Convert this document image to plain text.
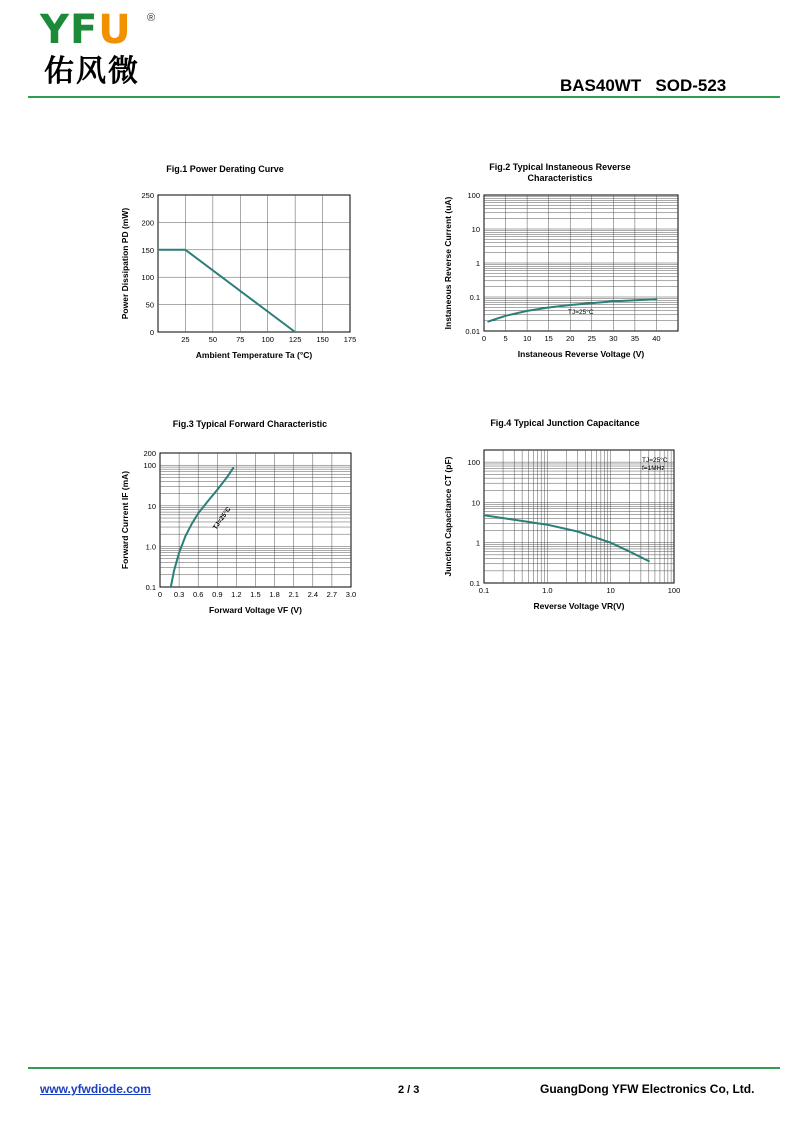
YFU ®
佑风微	BAS40WT   SOD-523
Fig.1 Power Derating Curve	Fig.2 Typical Instaneous Reverse
Characteristics
Fig.3 Typical Forward Characteristic	Fig.4 Typical Junction Capacitance
25	50	75 100 125 150 175
0
50
100
150
200
250
Ambient Temperature Ta (°C)
Power Dissipation PD (mW)
0 5 10 15 20 25 30 35 40
0.01
0.1
1
10
100
Instaneous Reverse Voltage (V)
Instaneous Reverse Current (uA)	TJ=25°C
0 0.3 0.6 0.9 1.2 1.5 1.8 2.1 2.4 2.7 3.0
0.1
1.0
10
100
200
Forward Voltage VF (V)
Forward Current IF (mA)	TJ=25°C
0.1	1.0	10	100
0.1
1
10
100
Reverse Voltage VR(V)
Junction Capacitance CT (pF)	TJ=25°C
f=1MHz
www.yfwdiode.com	2 / 3	GuangDong YFW Electronics Co, Ltd.
